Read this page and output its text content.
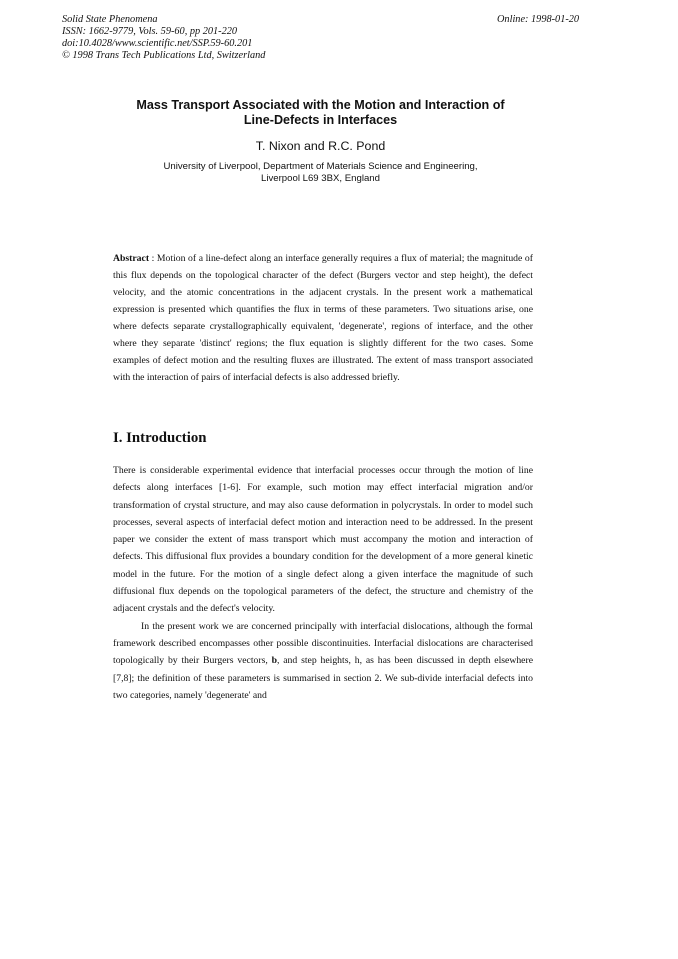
Solid State Phenomena
ISSN: 1662-9779, Vols. 59-60, pp 201-220
doi:10.4028/www.scientific.net/SSP.59-60.201
© 1998 Trans Tech Publications Ltd, Switzerland
Online: 1998-01-20
Mass Transport Associated with the Motion and Interaction of
Line-Defects in Interfaces
T. Nixon and R.C. Pond
University of Liverpool, Department of Materials Science and Engineering,
Liverpool L69 3BX, England
Abstract : Motion of a line-defect along an interface generally requires a flux of material; the magnitude of this flux depends on the topological character of the defect (Burgers vector and step height), the defect velocity, and the atomic concentrations in the adjacent crystals. In the present work a mathematical expression is presented which quantifies the flux in terms of these parameters. Two situations arise, one where defects separate crystallographically equivalent, 'degenerate', regions of interface, and the other where they separate 'distinct' regions; the flux equation is slightly different for the two cases. Some examples of defect motion and the resulting fluxes are illustrated. The extent of mass transport associated with the interaction of pairs of interfacial defects is also addressed briefly.
I. Introduction

There is considerable experimental evidence that interfacial processes occur through the motion of line defects along interfaces [1-6]. For example, such motion may effect interfacial migration and/or transformation of crystal structure, and may also cause deformation in polycrystals. In order to model such processes, several aspects of interfacial defect motion and interaction need to be addressed. In the present paper we consider the extent of mass transport which must accompany the motion and interaction of defects. This diffusional flux provides a boundary condition for the development of a more general kinetic model in the future. For the motion of a single defect along a given interface the magnitude of such diffusional flux depends on the topological parameters of the defect, the structure and chemistry of the adjacent crystals and the defect's velocity.

In the present work we are concerned principally with interfacial dislocations, although the formal framework described encompasses other possible discontinuities. Interfacial dislocations are characterised topologically by their Burgers vectors, b, and step heights, h, as has been discussed in depth elsewhere [7,8]; the definition of these parameters is summarised in section 2. We sub-divide interfacial defects into two categories, namely 'degenerate' and
